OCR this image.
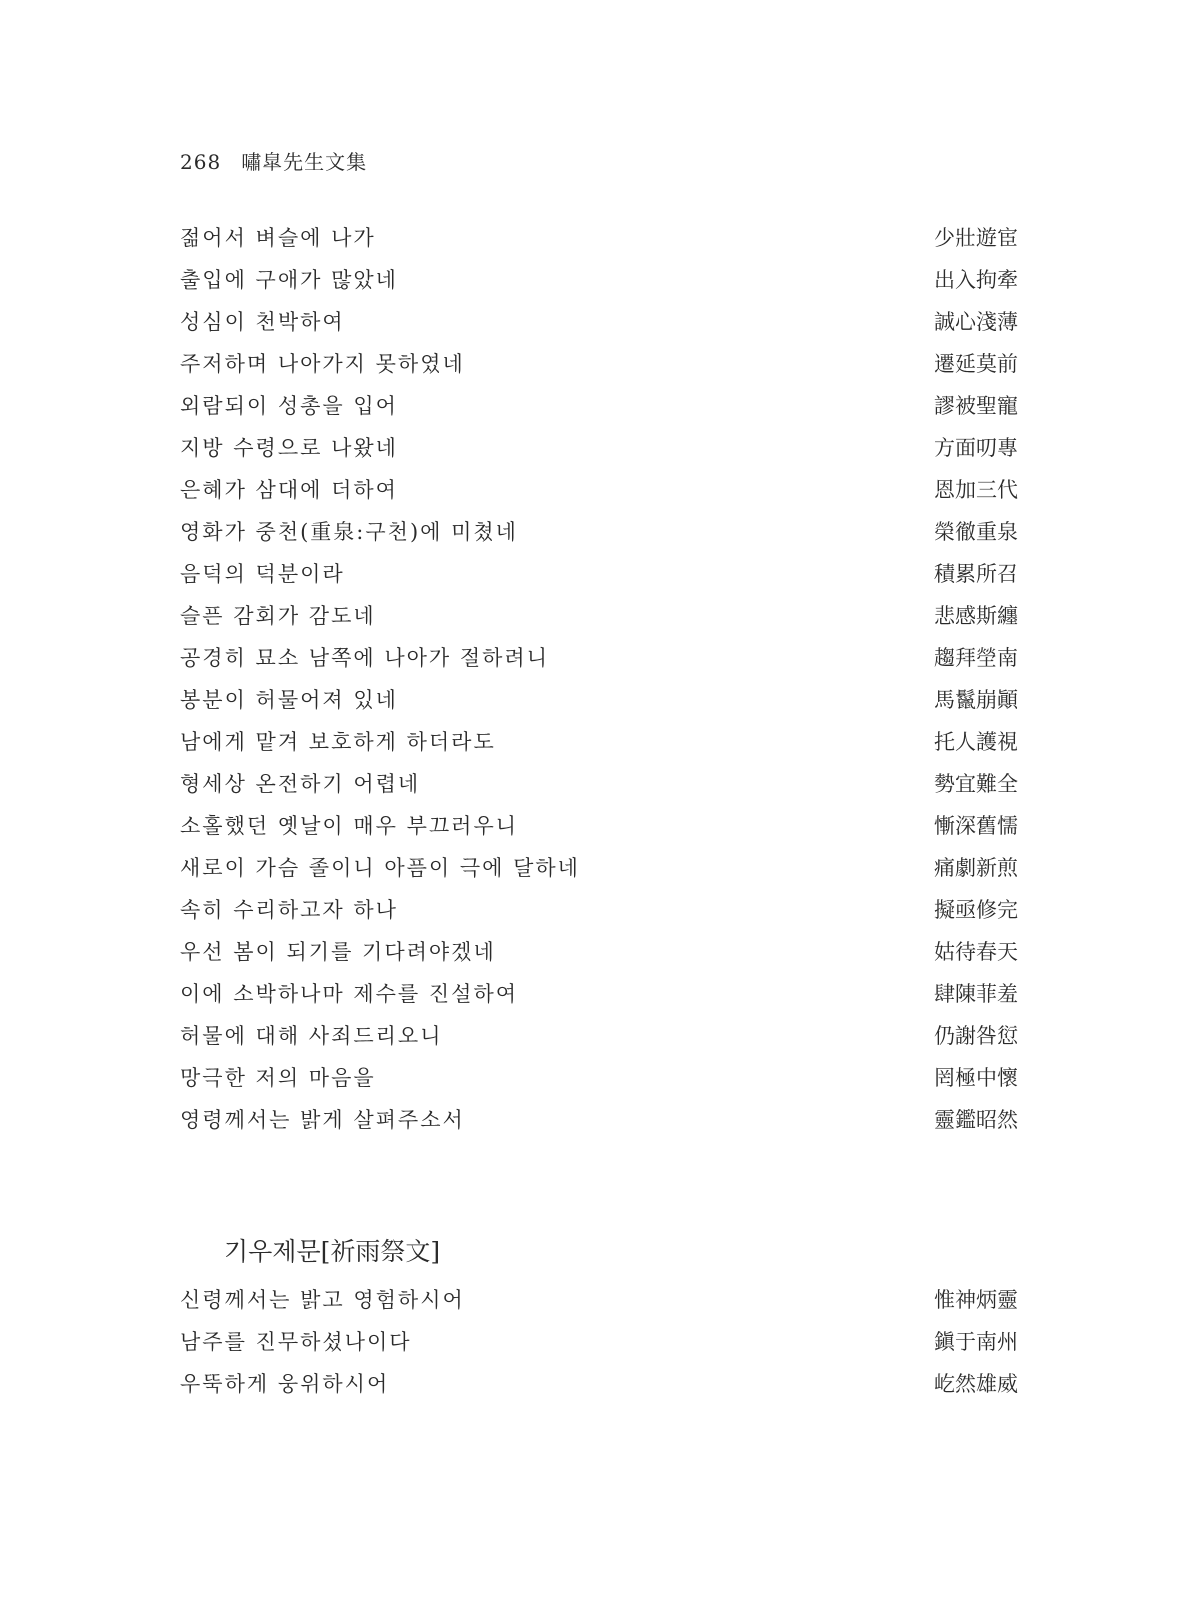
268 嘯皐先生文集
젊어서 벼슬에 나가	少壯遊宦
출입에 구애가 많았네	出入拘牽
성심이 천박하여	誠心淺薄
주저하며 나아가지 못하였네	遷延莫前
외람되이 성총을 입어	謬被聖寵
지방 수령으로 나왔네	方面叨專
은혜가 삼대에 더하여	恩加三代
영화가 중천(重泉:구천)에 미쳤네	榮徹重泉
음덕의 덕분이라	積累所召
슬픈 감회가 감도네	悲感斯纏
공경히 묘소 남쪽에 나아가 절하려니	趨拜塋南
봉분이 허물어져 있네	馬鬣崩顚
남에게 맡겨 보호하게 하더라도	托人護視
형세상 온전하기 어렵네	勢宜難全
소홀했던 옛날이 매우 부끄러우니	慚深舊懦
새로이 가슴 졸이니 아픔이 극에 달하네	痛劇新煎
속히 수리하고자 하나	擬亟修完
우선 봄이 되기를 기다려야겠네	姑待春天
이에 소박하나마 제수를 진설하여	肆陳菲羞
허물에 대해 사죄드리오니	仍謝咎愆
망극한 저의 마음을	罔極中懷
영령께서는 밝게 살펴주소서	靈鑑昭然
기우제문[祈雨祭文]
신령께서는 밝고 영험하시어	惟神炳靈
남주를 진무하셨나이다	鎭于南州
우뚝하게 웅위하시어	屹然雄威
